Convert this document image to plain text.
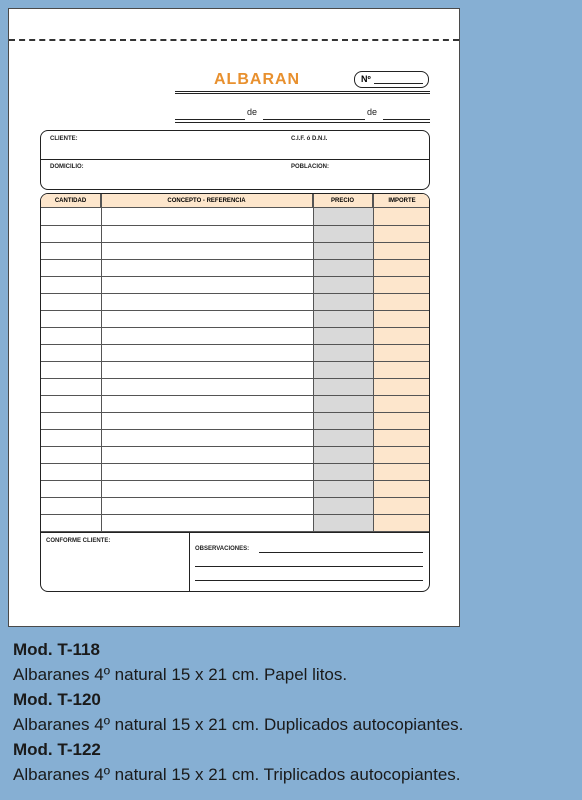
ALBARAN	Nº
de	de
CLIENTE:	C.I.F. ó D.N.I.
DOMICILIO:	POBLACION:
CANTIDAD	CONCEPTO - REFERENCIA	PRECIO	IMPORTE
CONFORME CLIENTE:
OBSERVACIONES:
Mod. T-118
Albaranes 4º natural 15 x 21 cm. Papel litos.
Mod. T-120
Albaranes 4º natural 15 x 21 cm. Duplicados autocopiantes.
Mod. T-122
Albaranes 4º natural 15 x 21 cm. Triplicados autocopiantes.
